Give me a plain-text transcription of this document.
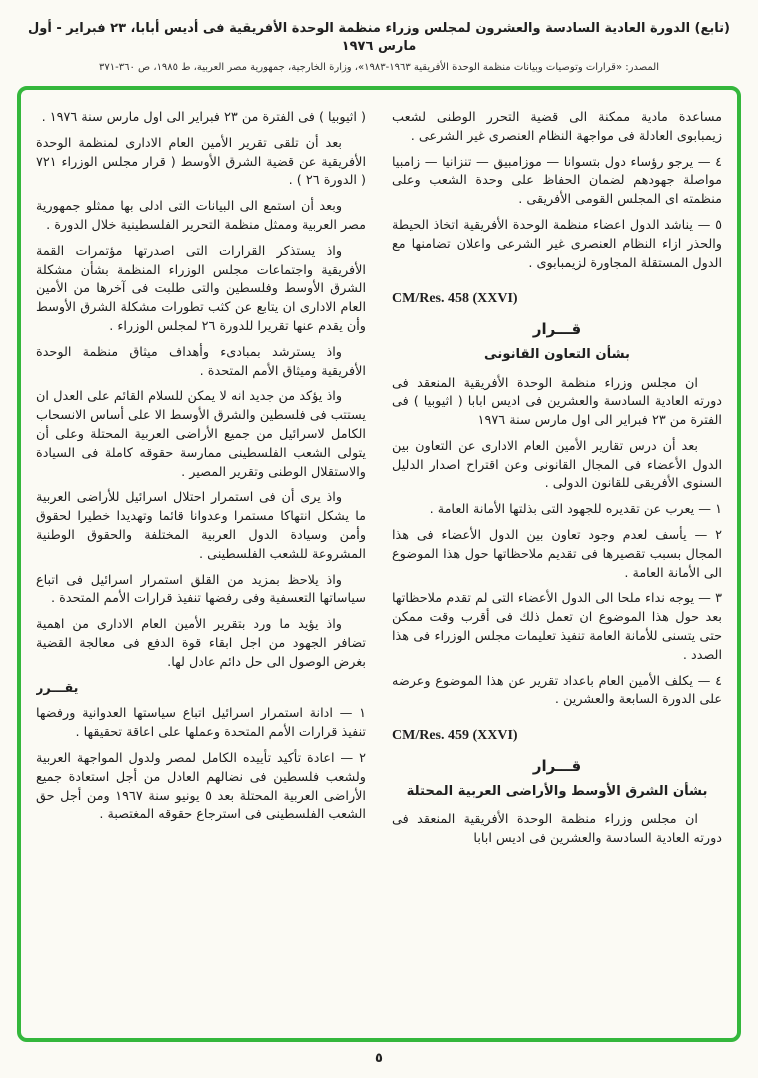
(تابع) الدورة العادية السادسة والعشرون لمجلس وزراء منظمة الوحدة الأفريقية فى أديس أبابا، ٢٣ فبراير - أول مارس ١٩٧٦
المصدر: «قرارات وتوصيات وبيانات منظمة الوحدة الأفريقية ١٩٦٣-١٩٨٣»، وزارة الخارجية، جمهورية مصر العربية، ط ١٩٨٥، ص ٣٦٠-٣٧١

مساعدة مادية ممكنة الى قضية التحرر الوطنى لشعب زيمبابوى العادلة فى مواجهة النظام العنصرى غير الشرعى .

٤ — يرجو رؤساء دول بتسوانا — موزامبيق — تنزانيا — زامبيا مواصلة جهودهم لضمان الحفاظ على وحدة الشعب وعلى منظمته اى المجلس القومى الأفريقى .

٥ — يناشد الدول اعضاء منظمة الوحدة الأفريقية اتخاذ الحيطة والحذر ازاء النظام العنصرى غير الشرعى واعلان تضامنها مع الدول المستقلة المجاورة لزيمبابوى .

CM/Res. 458 (XXVI)

قـــرار

بشأن التعاون القانونى

ان مجلس وزراء منظمة الوحدة الأفريقية المنعقد فى دورته العادية السادسة والعشرين فى اديس ابابا ( اثيوبيا ) فى الفترة من ٢٣ فبراير الى اول مارس سنة ١٩٧٦

بعد أن درس تقارير الأمين العام الادارى عن التعاون بين الدول الأعضاء فى المجال القانونى وعن اقتراح اصدار الدليل السنوى الأفريقى للقانون الدولى .

١ — يعرب عن تقديره للجهود التى بذلتها الأمانة العامة .

٢ — يأسف لعدم وجود تعاون بين الدول الأعضاء فى هذا المجال بسبب تقصيرها فى تقديم ملاحظاتها حول هذا الموضوع الى الأمانة العامة .

٣ — يوجه نداء ملحا الى الدول الأعضاء التى لم تقدم ملاحظاتها بعد حول هذا الموضوع ان تعمل ذلك فى أقرب وقت ممكن حتى يتسنى للأمانة العامة تنفيذ تعليمات مجلس الوزراء فى هذا الصدد .

٤ — يكلف الأمين العام باعداد تقرير عن هذا الموضوع وعرضه على الدورة السابعة والعشرين .

CM/Res. 459 (XXVI)

قـــرار

بشأن الشرق الأوسط والأراضى العربية المحتلة

ان مجلس وزراء منظمة الوحدة الأفريقية المنعقد فى دورته العادية السادسة والعشرين فى اديس ابابا

( اثيوبيا ) فى الفترة من ٢٣ فبراير الى اول مارس سنة ١٩٧٦ .

بعد أن تلقى تقرير الأمين العام الادارى لمنظمة الوحدة الأفريقية عن قضية الشرق الأوسط ( قرار مجلس الوزراء ٧٢١ ( الدورة ٢٦ ) .

وبعد أن استمع الى البيانات التى ادلى بها ممثلو جمهورية مصر العربية وممثل منظمة التحرير الفلسطينية خلال الدورة .

واذ يستذكر القرارات التى اصدرتها مؤتمرات القمة الأفريقية واجتماعات مجلس الوزراء المنظمة بشأن مشكلة الشرق الأوسط وفلسطين والتى طلبت فى آخرها من الأمين العام الادارى ان يتابع عن كثب تطورات مشكلة الشرق الأوسط وأن يقدم عنها تقريرا للدورة ٢٦ لمجلس الوزراء .

واذ يسترشد بمبادىء وأهداف ميثاق منظمة الوحدة الأفريقية وميثاق الأمم المتحدة .

واذ يؤكد من جديد انه لا يمكن للسلام القائم على العدل ان يستتب فى فلسطين والشرق الأوسط الا على أساس الانسحاب الكامل لاسرائيل من جميع الأراضى العربية المحتلة وعلى أن يتولى الشعب الفلسطينى ممارسة حقوقه كاملة فى السيادة والاستقلال الوطنى وتقرير المصير .

واذ يرى أن فى استمرار احتلال اسرائيل للأراضى العربية ما يشكل انتهاكا مستمرا وعدوانا قائما وتهديدا خطيرا لحقوق وأمن وسيادة الدول العربية المختلفة والحقوق الوطنية المشروعة للشعب الفلسطينى .

واذ يلاحظ بمزيد من القلق استمرار اسرائيل فى اتباع سياساتها التعسفية وفى رفضها تنفيذ قرارات الأمم المتحدة .

واذ يؤيد ما ورد بتقرير الأمين العام الادارى من اهمية تضافر الجهود من اجل ابقاء قوة الدفع فى معالجة القضية بغرض الوصول الى حل دائم عادل لها.

يقـــرر

١ — ادانة استمرار اسرائيل اتباع سياستها العدوانية ورفضها تنفيذ قرارات الأمم المتحدة وعملها على اعاقة تحقيقها .

٢ — اعادة تأكيد تأييده الكامل لمصر ولدول المواجهة العربية ولشعب فلسطين فى نضالهم العادل من أجل استعادة جميع الأراضى العربية المحتلة بعد ٥ يونيو سنة ١٩٦٧ ومن أجل حق الشعب الفلسطينى فى استرجاع حقوقه المغتصبة .

٥
